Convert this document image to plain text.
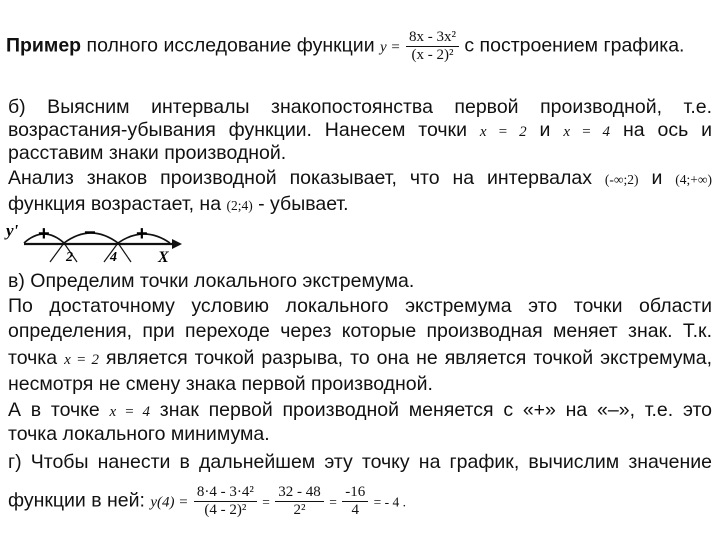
Пример полного исследование функции $y = \frac{\text{8x - 3x²}}{\text{(x - 2)²}}$ с построением графика.
б) Выясним интервалы знакопостоянства первой производной, т.е.
возрастания-убывания функции. Нанесем точки x = 2 и x = 4 на ось и
расставим знаки производной.
Анализ знаков производной показывает, что на интервалах (-∞;2) и (4;+∞)
функция возрастает, на (2;4) - убывает.
y' + − +
2	4	X
в) Определим точки локального экстремума.
По достаточному условию локального экстремума это точки области
определения, при переходе через которые производная меняет знак. Т.к.
точка x = 2 является точкой разрыва, то она не является точкой экстремума,
несмотря не смену знака первой производной.
А в точке x = 4 знак первой производной меняется с «+» на «–», т.е. это
точка локального минимума.
г) Чтобы нанести в дальнейшем эту точку на график, вычислим значение
функции в ней: $y(4) = \frac{\text{8·4 - 3·4²}}{\text{(4 - 2)²}} = \frac{32 - 48}{\text{2²}} = \frac{-16}{4}$ = - 4 .
